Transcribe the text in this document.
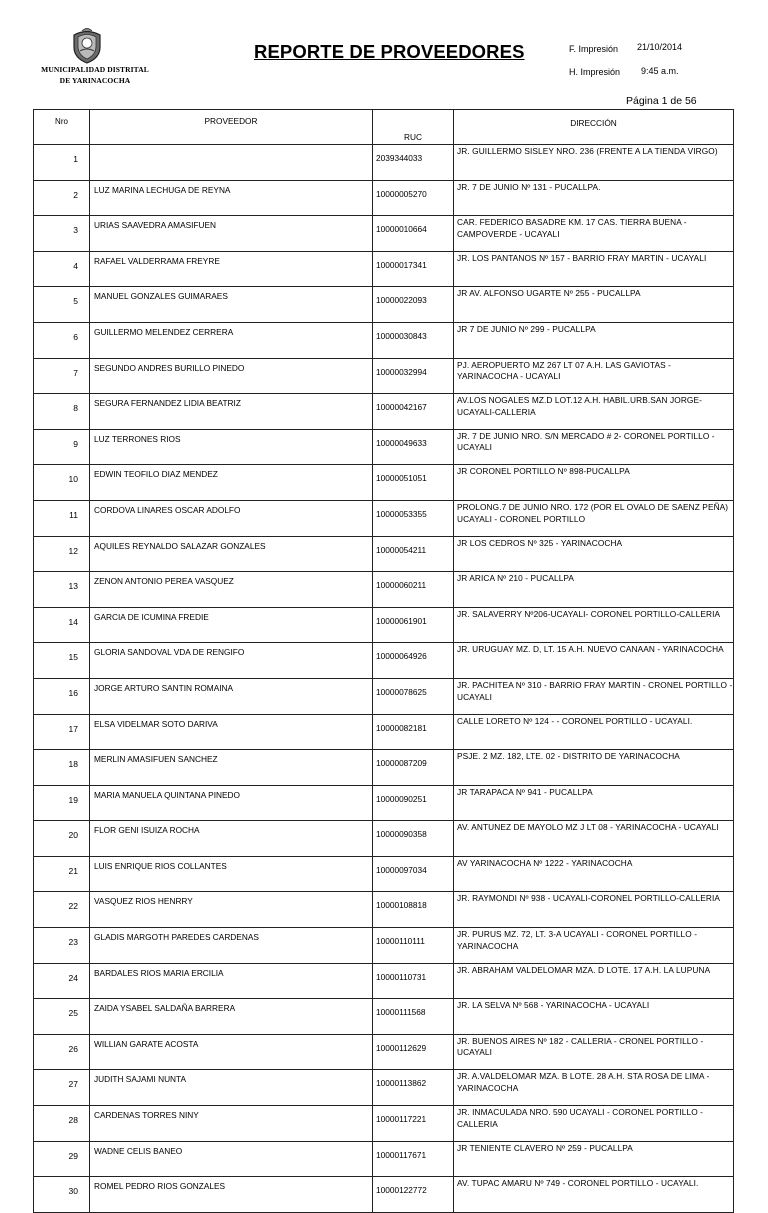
MUNICIPALIDAD DISTRITAL
DE YARINACOCHA
REPORTE DE PROVEEDORES	F. Impresión 21/10/2014
H. Impresión 9:45 a.m.
Página 1 de 56
Nro	PROVEEDOR	RUC	DIRECCIÓN
1		2039344033	JR. GUILLERMO SISLEY NRO. 236 (FRENTE A LA TIENDA VIRGO)
2	LUZ MARINA LECHUGA DE REYNA	10000005270	JR. 7 DE JUNIO Nº 131 - PUCALLPA.
3	URIAS SAAVEDRA AMASIFUEN	10000010664	CAR. FEDERICO BASADRE KM. 17 CAS. TIERRA BUENA - CAMPOVERDE - UCAYALI
4	RAFAEL VALDERRAMA FREYRE	10000017341	JR. LOS PANTANOS Nº 157 - BARRIO FRAY MARTIN - UCAYALI
5	MANUEL GONZALES GUIMARAES	10000022093	JR AV. ALFONSO UGARTE Nº 255 - PUCALLPA
6	GUILLERMO MELENDEZ CERRERA	10000030843	JR 7 DE JUNIO Nº 299 - PUCALLPA
7	SEGUNDO ANDRES BURILLO PINEDO	10000032994	PJ. AEROPUERTO MZ 267 LT 07 A.H. LAS GAVIOTAS - YARINACOCHA - UCAYALI
8	SEGURA FERNANDEZ LIDIA BEATRIZ	10000042167	AV.LOS NOGALES MZ.D LOT.12 A.H. HABIL.URB.SAN JORGE-UCAYALI-CALLERIA
9	LUZ TERRONES RIOS	10000049633	JR. 7 DE JUNIO NRO. S/N MERCADO # 2- CORONEL PORTILLO - UCAYALI
10	EDWIN TEOFILO DIAZ MENDEZ	10000051051	JR CORONEL PORTILLO Nº 898-PUCALLPA
11	CORDOVA LINARES OSCAR ADOLFO	10000053355	PROLONG.7 DE JUNIO NRO. 172 (POR EL OVALO DE SAENZ PEÑA) UCAYALI - CORONEL PORTILLO
12	AQUILES REYNALDO SALAZAR GONZALES	10000054211	JR LOS CEDROS Nº 325 - YARINACOCHA
13	ZENON ANTONIO PEREA VASQUEZ	10000060211	JR ARICA Nº 210 - PUCALLPA
14	GARCIA DE ICUMINA FREDIE	10000061901	JR. SALAVERRY Nº206-UCAYALI- CORONEL PORTILLO-CALLERIA
15	GLORIA SANDOVAL VDA DE RENGIFO	10000064926	JR. URUGUAY MZ. D, LT. 15 A.H. NUEVO CANAAN - YARINACOCHA
16	JORGE ARTURO SANTIN ROMAINA	10000078625	JR. PACHITEA Nº 310 - BARRIO FRAY MARTIN - CRONEL PORTILLO - UCAYALI
17	ELSA VIDELMAR SOTO DARIVA	10000082181	CALLE LORETO Nº 124 - - CORONEL PORTILLO - UCAYALI.
18	MERLIN AMASIFUEN SANCHEZ	10000087209	PSJE. 2 MZ. 182, LTE. 02 - DISTRITO DE YARINACOCHA
19	MARIA MANUELA QUINTANA PINEDO	10000090251	JR TARAPACA Nº 941 - PUCALLPA
20	FLOR GENI ISUIZA ROCHA	10000090358	AV. ANTUNEZ DE MAYOLO MZ J LT 08 - YARINACOCHA - UCAYALI
21	LUIS ENRIQUE RIOS COLLANTES	10000097034	AV YARINACOCHA Nº 1222 - YARINACOCHA
22	VASQUEZ RIOS HENRRY	10000108818	JR. RAYMONDI Nº 938 - UCAYALI-CORONEL PORTILLO-CALLERIA
23	GLADIS MARGOTH PAREDES CARDENAS	10000110111	JR. PURUS MZ. 72, LT. 3-A UCAYALI - CORONEL PORTILLO - YARINACOCHA
24	BARDALES RIOS MARIA ERCILIA	10000110731	JR. ABRAHAM VALDELOMAR MZA. D LOTE. 17 A.H. LA LUPUNA
25	ZAIDA YSABEL SALDAÑA BARRERA	10000111568	JR. LA SELVA Nº 568 - YARINACOCHA - UCAYALI
26	WILLIAN GARATE ACOSTA	10000112629	JR. BUENOS AIRES Nº 182 - CALLERIA - CRONEL PORTILLO - UCAYALI
27	JUDITH SAJAMI NUNTA	10000113862	JR. A.VALDELOMAR MZA. B LOTE. 28 A.H. STA ROSA DE LIMA - YARINACOCHA
28	CARDENAS TORRES NINY	10000117221	JR. INMACULADA NRO. 590 UCAYALI - CORONEL PORTILLO - CALLERIA
29	WADNE CELIS BANEO	10000117671	JR TENIENTE CLAVERO Nº 259 - PUCALLPA
30	ROMEL PEDRO RIOS GONZALES	10000122772	AV. TUPAC AMARU Nº 749 - CORONEL PORTILLO - UCAYALI.
